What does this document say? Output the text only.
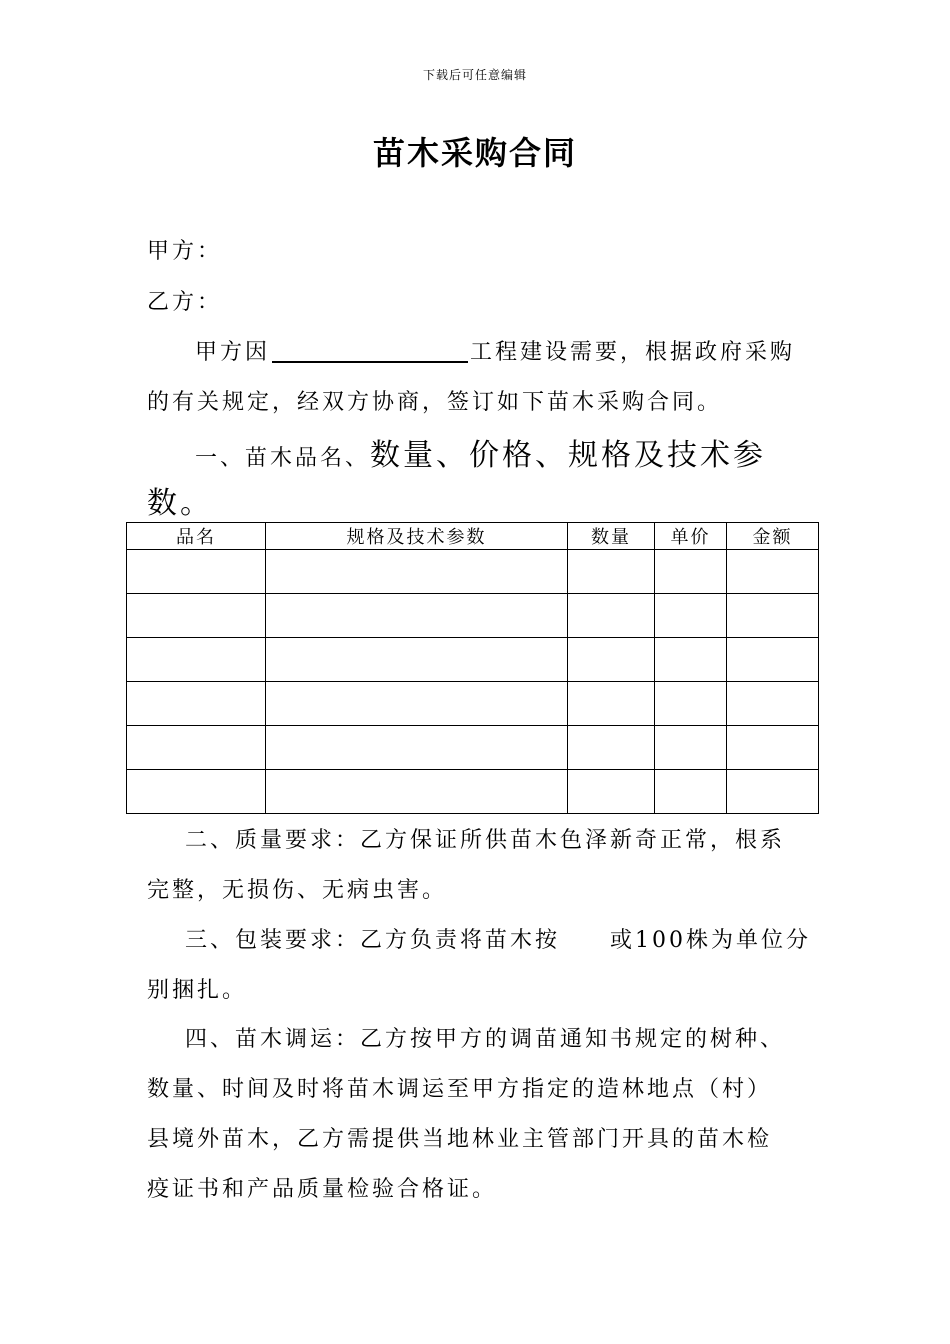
下载后可任意编辑
苗木采购合同
甲方：
乙方：
甲方因	工程建设需要，根据政府采购
的有关规定，经双方协商，签订如下苗木采购合同。
一、苗木品名、数量、价格、规格及技术参
数。
品名	规格及技术参数	数量	单价	金额

二、质量要求：乙方保证所供苗木色泽新奇正常，根系
完整，无损伤、无病虫害。
三、包装要求：乙方负责将苗木按     或100株为单位分
别捆扎。
四、苗木调运：乙方按甲方的调苗通知书规定的树种、
数量、时间及时将苗木调运至甲方指定的造林地点（村）
县境外苗木，乙方需提供当地林业主管部门开具的苗木检
疫证书和产品质量检验合格证。
